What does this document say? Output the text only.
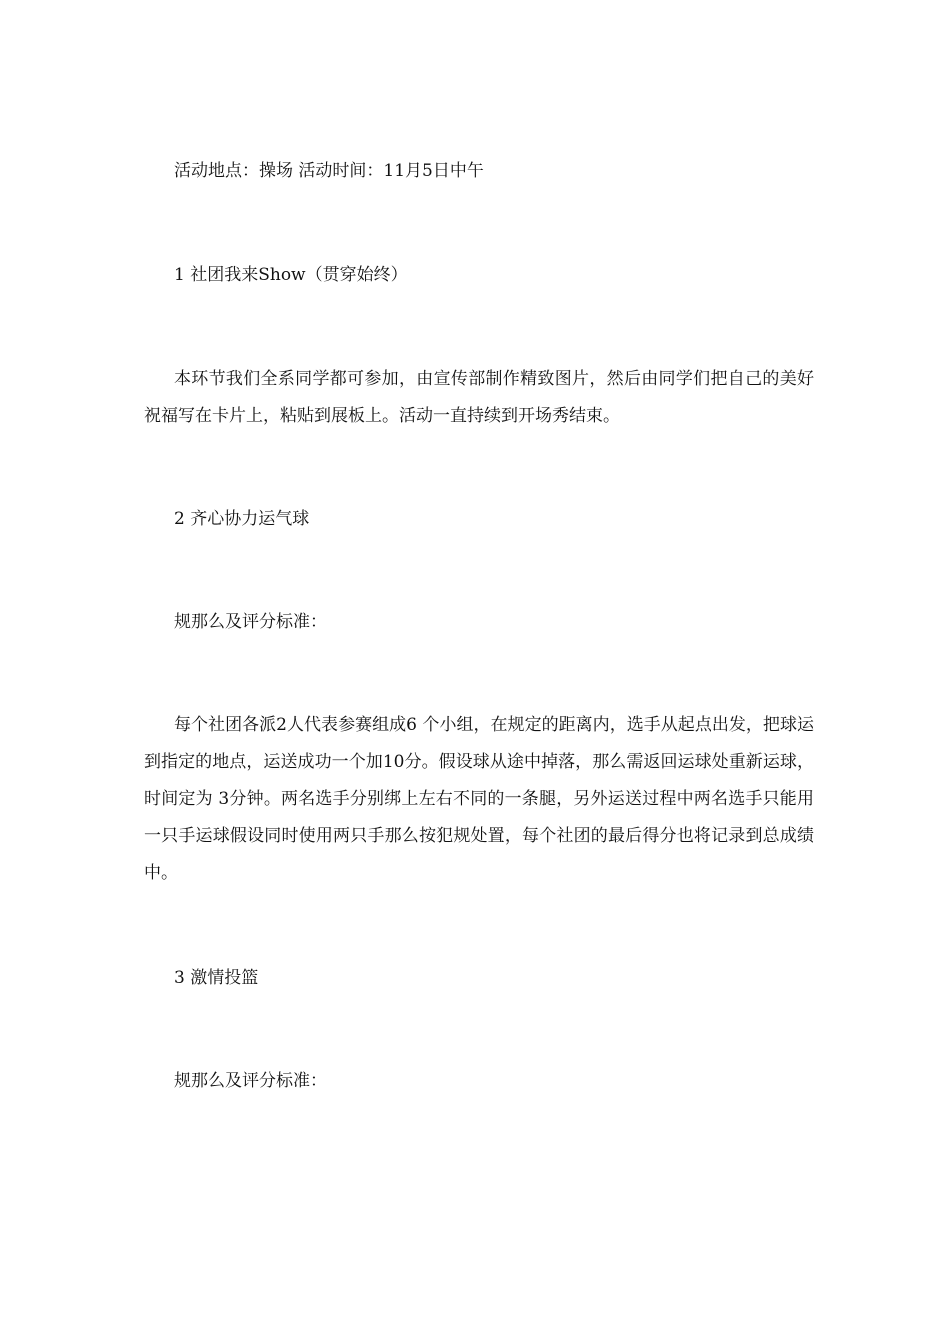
活动地点：操场 活动时间：11月5日中午

1 社团我来Show（贯穿始终）

本环节我们全系同学都可参加，由宣传部制作精致图片，然后由同学们把自己的美好祝福写在卡片上，粘贴到展板上。活动一直持续到开场秀结束。

2 齐心协力运气球

规那么及评分标准：

每个社团各派2人代表参赛组成6 个小组，在规定的距离内，选手从起点出发，把球运到指定的地点，运送成功一个加10分。假设球从途中掉落，那么需返回运球处重新运球，时间定为 3分钟。两名选手分别绑上左右不同的一条腿，另外运送过程中两名选手只能用一只手运球假设同时使用两只手那么按犯规处置，每个社团的最后得分也将记录到总成绩中。

3 激情投篮

规那么及评分标准：
